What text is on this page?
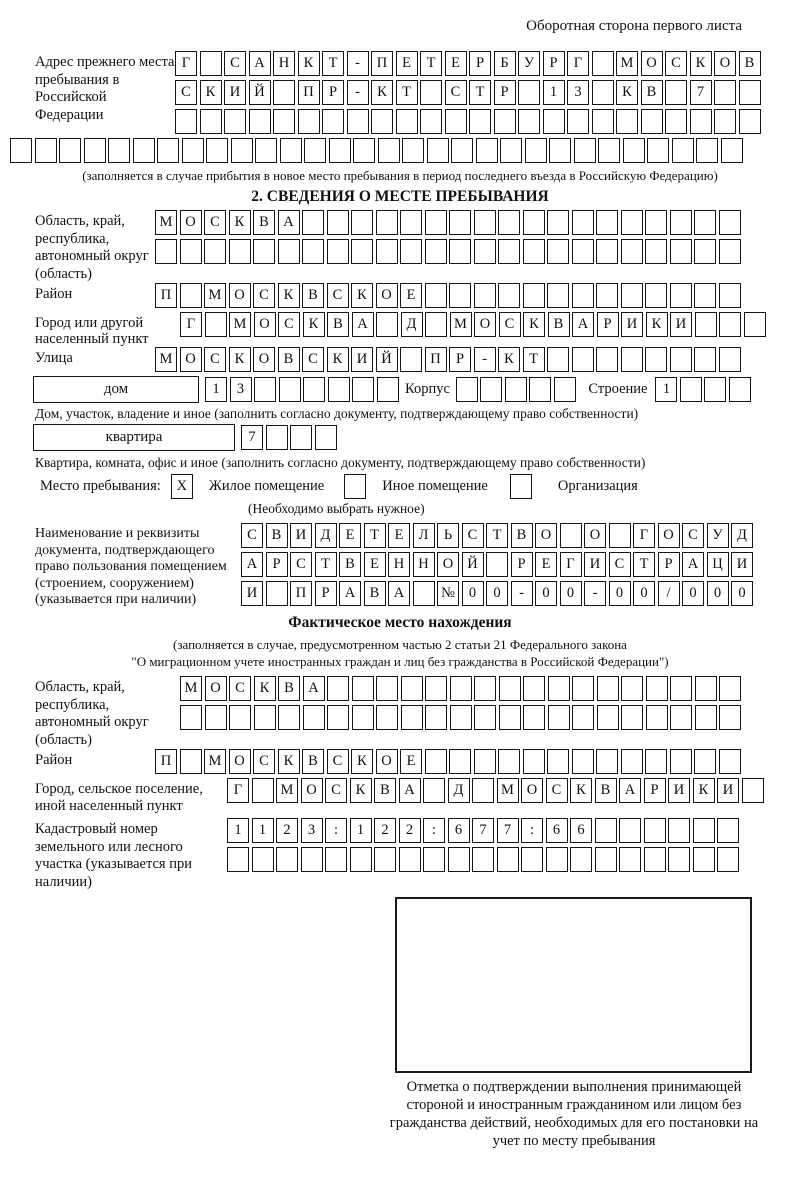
Оборотная сторона первого листа
Адрес прежнего места пребывания в Российской Федерации
Г	С А Н К	Т	-	П	Е	Т	Е	Р	Б	У	Р	Г	М О С	К О В
С	К И Й	П	Р	-	К	Т	С	Т	Р	1	3	К	В	7
(заполняется в случае прибытия в новое место пребывания в период последнего въезда в Российскую Федерацию)
2. СВЕДЕНИЯ О МЕСТЕ ПРЕБЫВАНИЯ
Область, край, республика, автономный округ (область)
М О С	К	В А
Район	П	М О С	К	В	С	К О	Е
Город или другой населенный пункт
Г	М О С	К	В А	Д	М О С	К	В А	Р	И К И
Улица	М О С	К О В	С	К И Й	П	Р	-	К	Т
дом	1	3	Корпус	Строение	1
Дом, участок, владение и иное (заполнить согласно документу, подтверждающему право собственности)
квартира	7
Квартира, комната, офис и иное (заполнить согласно документу, подтверждающему право собственности)
Место пребывания:	X	Жилое помещение	Иное помещение	Организация
(Необходимо выбрать нужное)
Наименование и реквизиты документа, подтверждающего право пользования помещением (строением, сооружением) (указывается при наличии)
С	В И Д	Е	Т	Е	Л	Ь	С	Т	В О	О	Г	О С	У Д
А	Р	С	Т	В	Е	Н Н О Й	Р	Е	Г	И С	Т	Р	А Ц И
И	П	Р	А В А	№ 0	0	-	0	0	-	0	0	/	0	0	0
Фактическое место нахождения
(заполняется в случае, предусмотренном частью 2 статьи 21 Федерального закона
"О миграционном учете иностранных граждан и лиц без гражданства в Российской Федерации")
Область, край, республика, автономный округ (область)
М О С	К	В А
Район	П	М О С	К	В	С	К О	Е
Город, сельское поселение, иной населенный пункт
Г	М О С	К	В А	Д	М О С	К	В А	Р	И К И
Кадастровый номер земельного или лесного участка (указывается при наличии)
1	1	2	3	:	1	2	2	:	6	7	7	:	6	6
Отметка о подтверждении выполнения принимающей стороной и иностранным гражданином или лицом без гражданства действий, необходимых для его постановки на учет по месту пребывания
